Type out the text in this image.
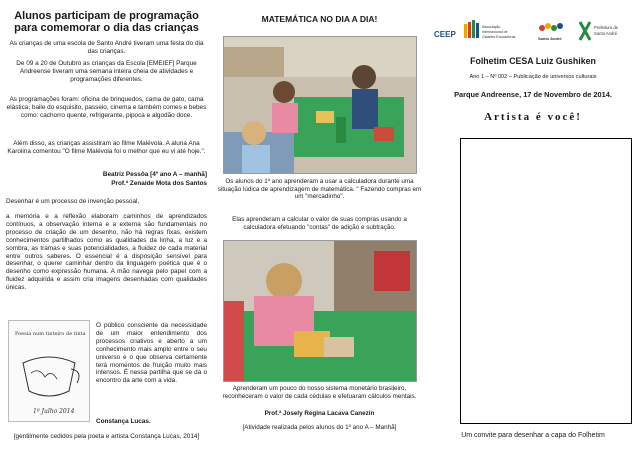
Alunos participam de programação para comemorar o dia das crianças
As crianças de uma escola de Santo André tiveram uma festa do dia das crianças.
De 09 a 20 de Outubro as crianças da Escola [EMEIEF] Parque Andreense tiveram uma semana inteira cheia de atividades e programações diferentes.
As programações foram: oficina de brinquedos, cama de gato, cama elástica, baile do esquisito, passeio, cinema e também comes e bebes como: cachorro quente, refrigerante, pipoca e algodão doce.
Além disso, as crianças assistiram ao filme Malévola. A aluna Ana Karolina comentou "O filme Malévola foi o melhor que eu vi até hoje.".
Beatriz Pessôa [4º ano A – manhã]
Prof.ª Zenaide Mota dos Santos
Desenhar é um processo de invenção pessoal,
a memória e a reflexão elaboram caminhos de aprendizados contínuos, a observação interna e a externa são fundamentais no processo de criação de um desenho, não há regras fixas, existem conhecimentos partilhados como as qualidades da linha, a luz e a sombra, as tramas e suas potencialidades, a fluidez de cada material entre outros saberes. O essencial é a disposição sensível para desenhar, o querer caminhar dentro da linguagem poética que é o desenho como expressão humana. A mão navega pelo papel com a fluidez adquirida e assim cria imagens desenhadas com qualidades únicas.
Poesia num tinteiro de tinta
1º Julho 2014
O público consciente da necessidade de um maior entendimento dos processos criativos e aberto a um conhecimento mais amplo entre o seu universo e o que observa certamente terá momentos de fruição muito mais intensos. É nessa partilha que se dá o encontro da arte com a vida.
Constança Lucas.
[gentilmente cedidos pela poeta e artista Constança Lucas, 2014]
MATEMÁTICA NO DIA A DIA!
Os alunos do 1º ano aprenderam a usar a calculadora durante uma situação lúdica de aprendizagem de matemática. " Fazendo compras em um "mercadinho".
Elas aprenderam a calcular o valor de suas compras usando a calculadora efetuando "contas" de adição e subtração.
Aprenderam um pouco do nosso sistema monetário brasileiro, reconheceram o valor de cada cédulas e efetuaram cálculos mentais.
Prof.ª Josely Regina Lacava Canezin
[Atividade realizada pelos alunos do 1º ano A – Manhã]
CEEP
Associação
Internacional de
Cidades Educadoras	Santo André
Prefeitura de
Santo André
Folhetim CESA Luiz Gushiken
Ano 1 – Nº 002 – Publicação de universos culturais
Parque Andreense, 17 de Novembro de 2014.
Artista é você!
Um convite para desenhar a capa do Folhetim
